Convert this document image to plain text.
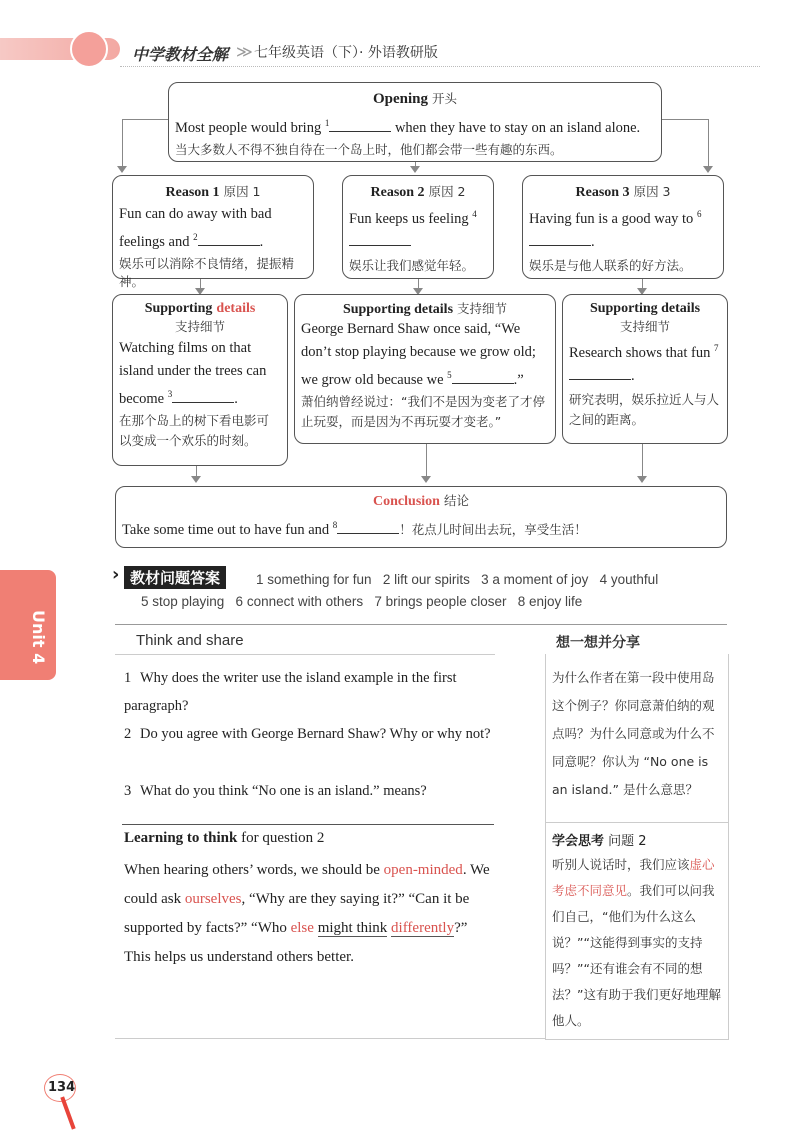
中学教材全解 ≫ 七年级英语（下）· 外语教研版
Opening 开头
Most people would bring $^1$	when they have to stay on an island alone.
当大多数人不得不独自待在一个岛上时，他们都会带一些有趣的东西。
Reason 1 原因 1
Fun can do away with bad feelings and $^2$	.
娱乐可以消除不良情绪，提振精神。
Reason 2 原因 2
Fun keeps us feeling $^4$
娱乐让我们感觉年轻。
Reason 3 原因 3
Having fun is a good way to $^6$.
娱乐是与他人联系的好方法。
Supporting details
支持细节
Watching films on that island under the trees can become $^3$	.
在那个岛上的树下看电影可以变成一个欢乐的时刻。
Supporting details 支持细节
George Bernard Shaw once said, “We don’t stop playing because we grow old; we grow old because we $^5$	.”
萧伯纳曾经说过：“我们不是因为变老了才停止玩耍，而是因为不再玩耍才变老。”
Supporting details
支持细节
Research shows that fun $^7$.
研究表明，娱乐拉近人与人之间的距离。
Conclusion 结论
Take some time out to have fun and $^8$	！花点儿时间出去玩，享受生活！
› 教材问题答案	1 something for fun   2 lift our spirits   3 a moment of joy   4 youthful
5 stop playing   6 connect with others   7 brings people closer   8 enjoy life
Unit 4	Think and share	想一想并分享
1 Why does the writer use the island example in the first paragraph?
2 Do you agree with George Bernard Shaw? Why or why not?
3 What do you think “No one is an island.” means?
为什么作者在第一段中使用岛这个例子？你同意萧伯纳的观点吗？为什么同意或为什么不同意呢？你认为 “No one is an island.” 是什么意思？
Learning to think for question 2
When hearing others’ words, we should be open-minded. We could ask ourselves, “Why are they saying it?” “Can it be supported by facts?” “Who else might think differently?” This helps us understand others better.
学会思考 问题 2
听别人说话时，我们应该虚心考虑不同意见。我们可以问我们自己，“他们为什么这么说？”“这能得到事实的支持吗？”“还有谁会有不同的想法？”这有助于我们更好地理解他人。
134
